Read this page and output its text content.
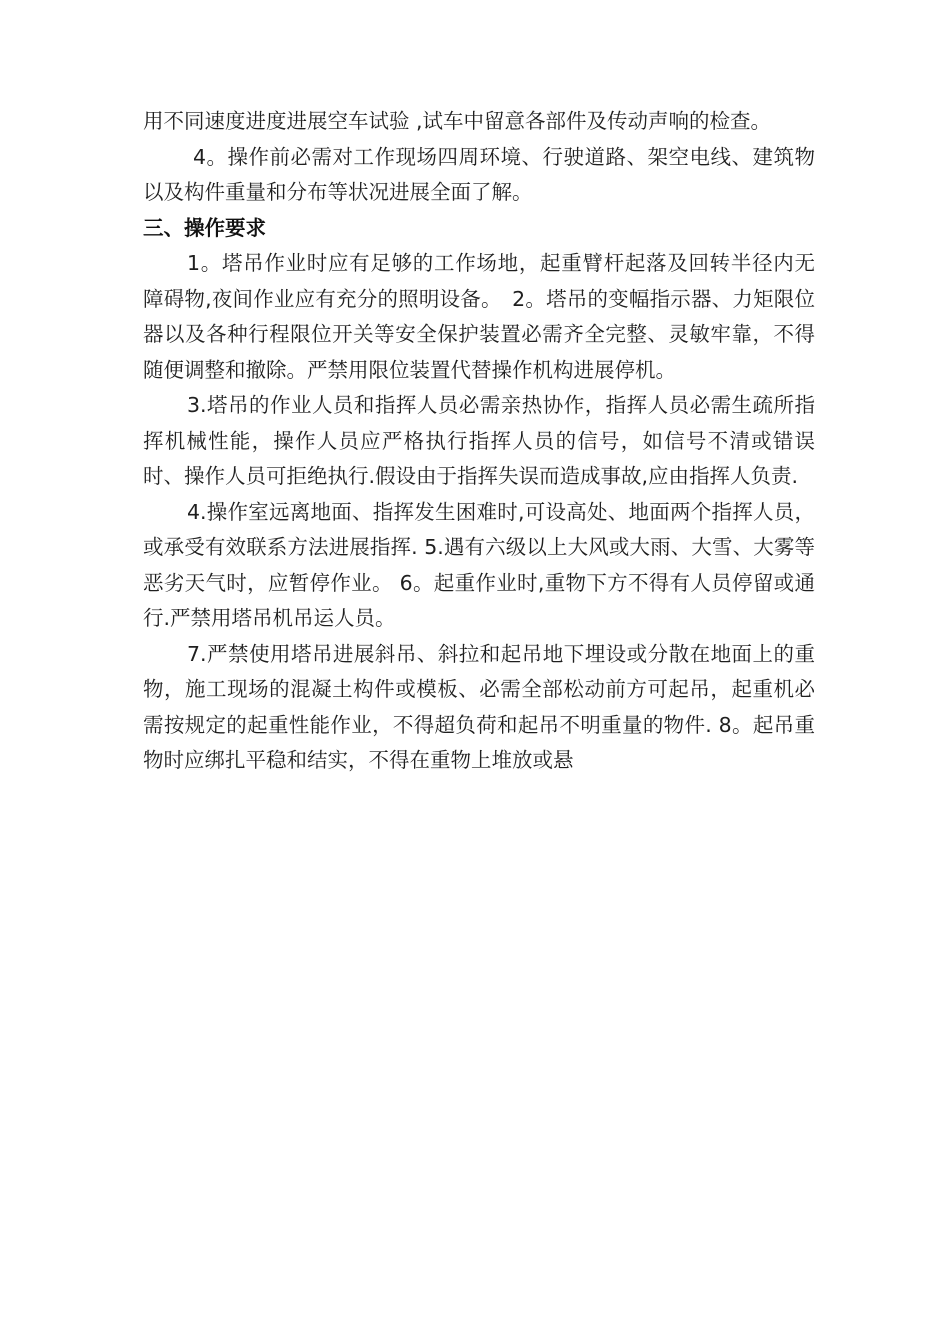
用不同速度进度进展空车试验 ,试车中留意各部件及传动声响的检查。

4。操作前必需对工作现场四周环境、行驶道路、架空电线、建筑物以及构件重量和分布等状况进展全面了解。

三、操作要求

1。塔吊作业时应有足够的工作场地，起重臂杆起落及回转半径内无障碍物,夜间作业应有充分的照明设备。　2。塔吊的变幅指示器、力矩限位器以及各种行程限位开关等安全保护装置必需齐全完整、灵敏牢靠，不得随便调整和撤除。严禁用限位装置代替操作机构进展停机。

3.塔吊的作业人员和指挥人员必需亲热协作，指挥人员必需生疏所指挥机械性能，操作人员应严格执行指挥人员的信号，如信号不清或错误时、操作人员可拒绝执行.假设由于指挥失误而造成事故,应由指挥人负责.

4.操作室远离地面、指挥发生困难时,可设高处、地面两个指挥人员，或承受有效联系方法进展指挥. 5.遇有六级以上大风或大雨、大雪、大雾等恶劣天气时，应暂停作业。 6。起重作业时,重物下方不得有人员停留或通行.严禁用塔吊机吊运人员。

7.严禁使用塔吊进展斜吊、斜拉和起吊地下埋设或分散在地面上的重物，施工现场的混凝土构件或模板、必需全部松动前方可起吊，起重机必需按规定的起重性能作业，不得超负荷和起吊不明重量的物件. 8。起吊重物时应绑扎平稳和结实，不得在重物上堆放或悬
